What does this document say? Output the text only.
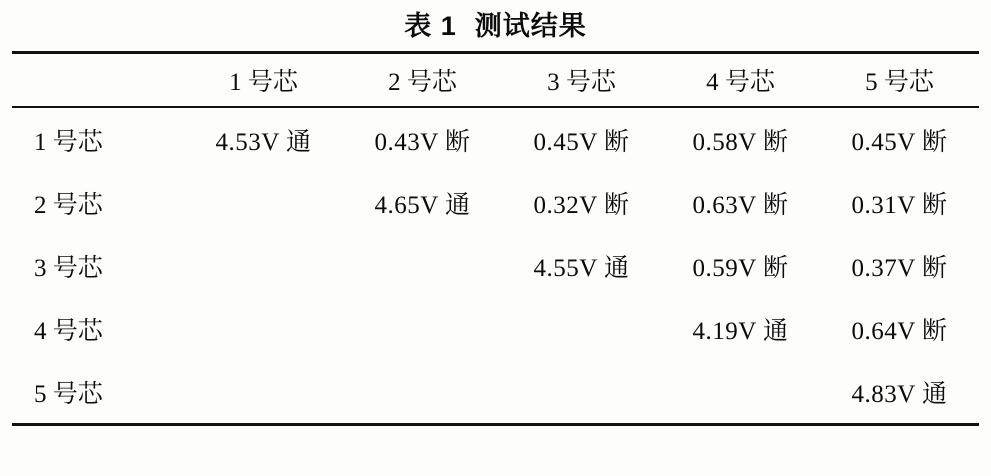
表 1 测试结果
	1 号芯	2 号芯	3 号芯	4 号芯	5 号芯
1 号芯	4.53V 通	0.43V 断	0.45V 断	0.58V 断	0.45V 断
2 号芯		4.65V 通	0.32V 断	0.63V 断	0.31V 断
3 号芯			4.55V 通	0.59V 断	0.37V 断
4 号芯				4.19V 通	0.64V 断
5 号芯					4.83V 通
